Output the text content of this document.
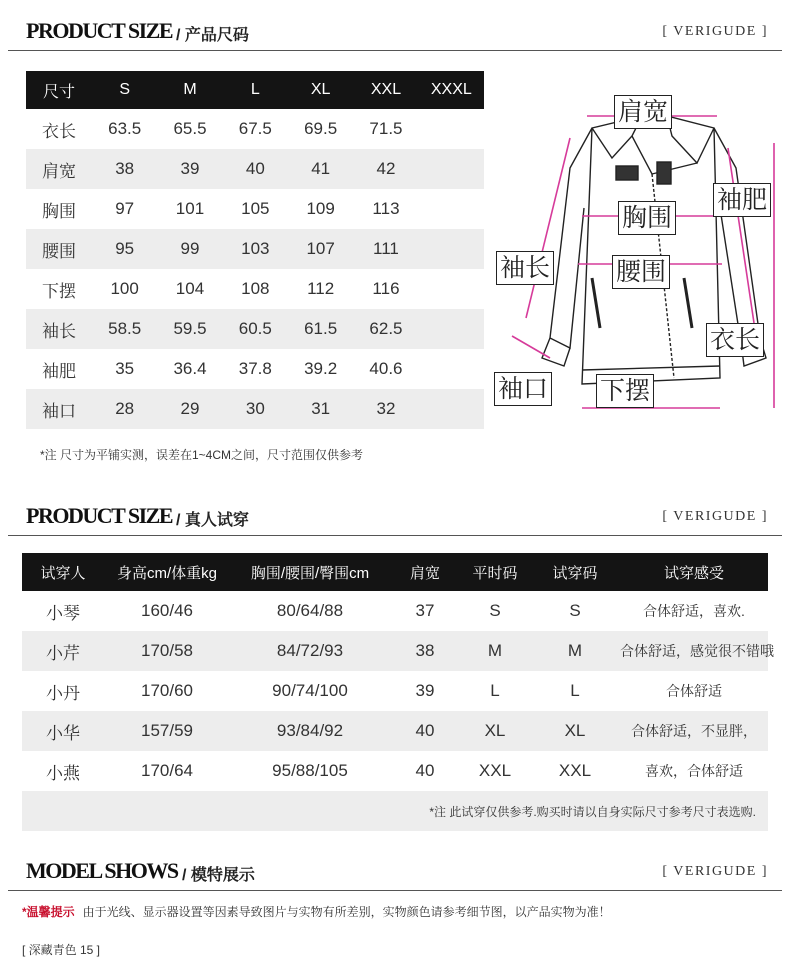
PRODUCT SIZE / 产品尺码	[ VERIGUDE ]
尺寸	S	M	L	XL	XXL	XXXL
衣长	63.5	65.5	67.5	69.5	71.5	
肩宽	38	39	40	41	42	
胸围	97	101	105	109	113	
腰围	95	99	103	107	111	
下摆	100	104	108	112	116	
袖长	58.5	59.5	60.5	61.5	62.5	
袖肥	35	36.4	37.8	39.2	40.6	
袖口	28	29	30	31	32	
*注 尺寸为平铺实测，误差在1~4CM之间，尺寸范围仅供参考
肩宽
胸围
袖肥
袖长	腰围
衣长
袖口 下摆
PRODUCT SIZE / 真人试穿	[ VERIGUDE ]
试穿人	身高cm/体重kg	胸围/腰围/臀围cm	肩宽	平时码	试穿码	试穿感受
小琴	160/46	80/64/88	37	S	S	合体舒适，喜欢.
小芹	170/58	84/72/93	38	M	M	合体舒适，感觉很不错哦
小丹	170/60	90/74/100	39	L	L	合体舒适
小华	157/59	93/84/92	40	XL	XL	合体舒适，不显胖，
小燕	170/64	95/88/105	40	XXL	XXL	喜欢，合体舒适
*注 此试穿仅供参考.购买时请以自身实际尺寸参考尺寸表选购.
MODEL SHOWS / 模特展示	[ VERIGUDE ]
*温馨提示 由于光线、显示器设置等因素导致图片与实物有所差别，实物颜色请参考细节图，以产品实物为准！
[ 深藏青色 15 ]
